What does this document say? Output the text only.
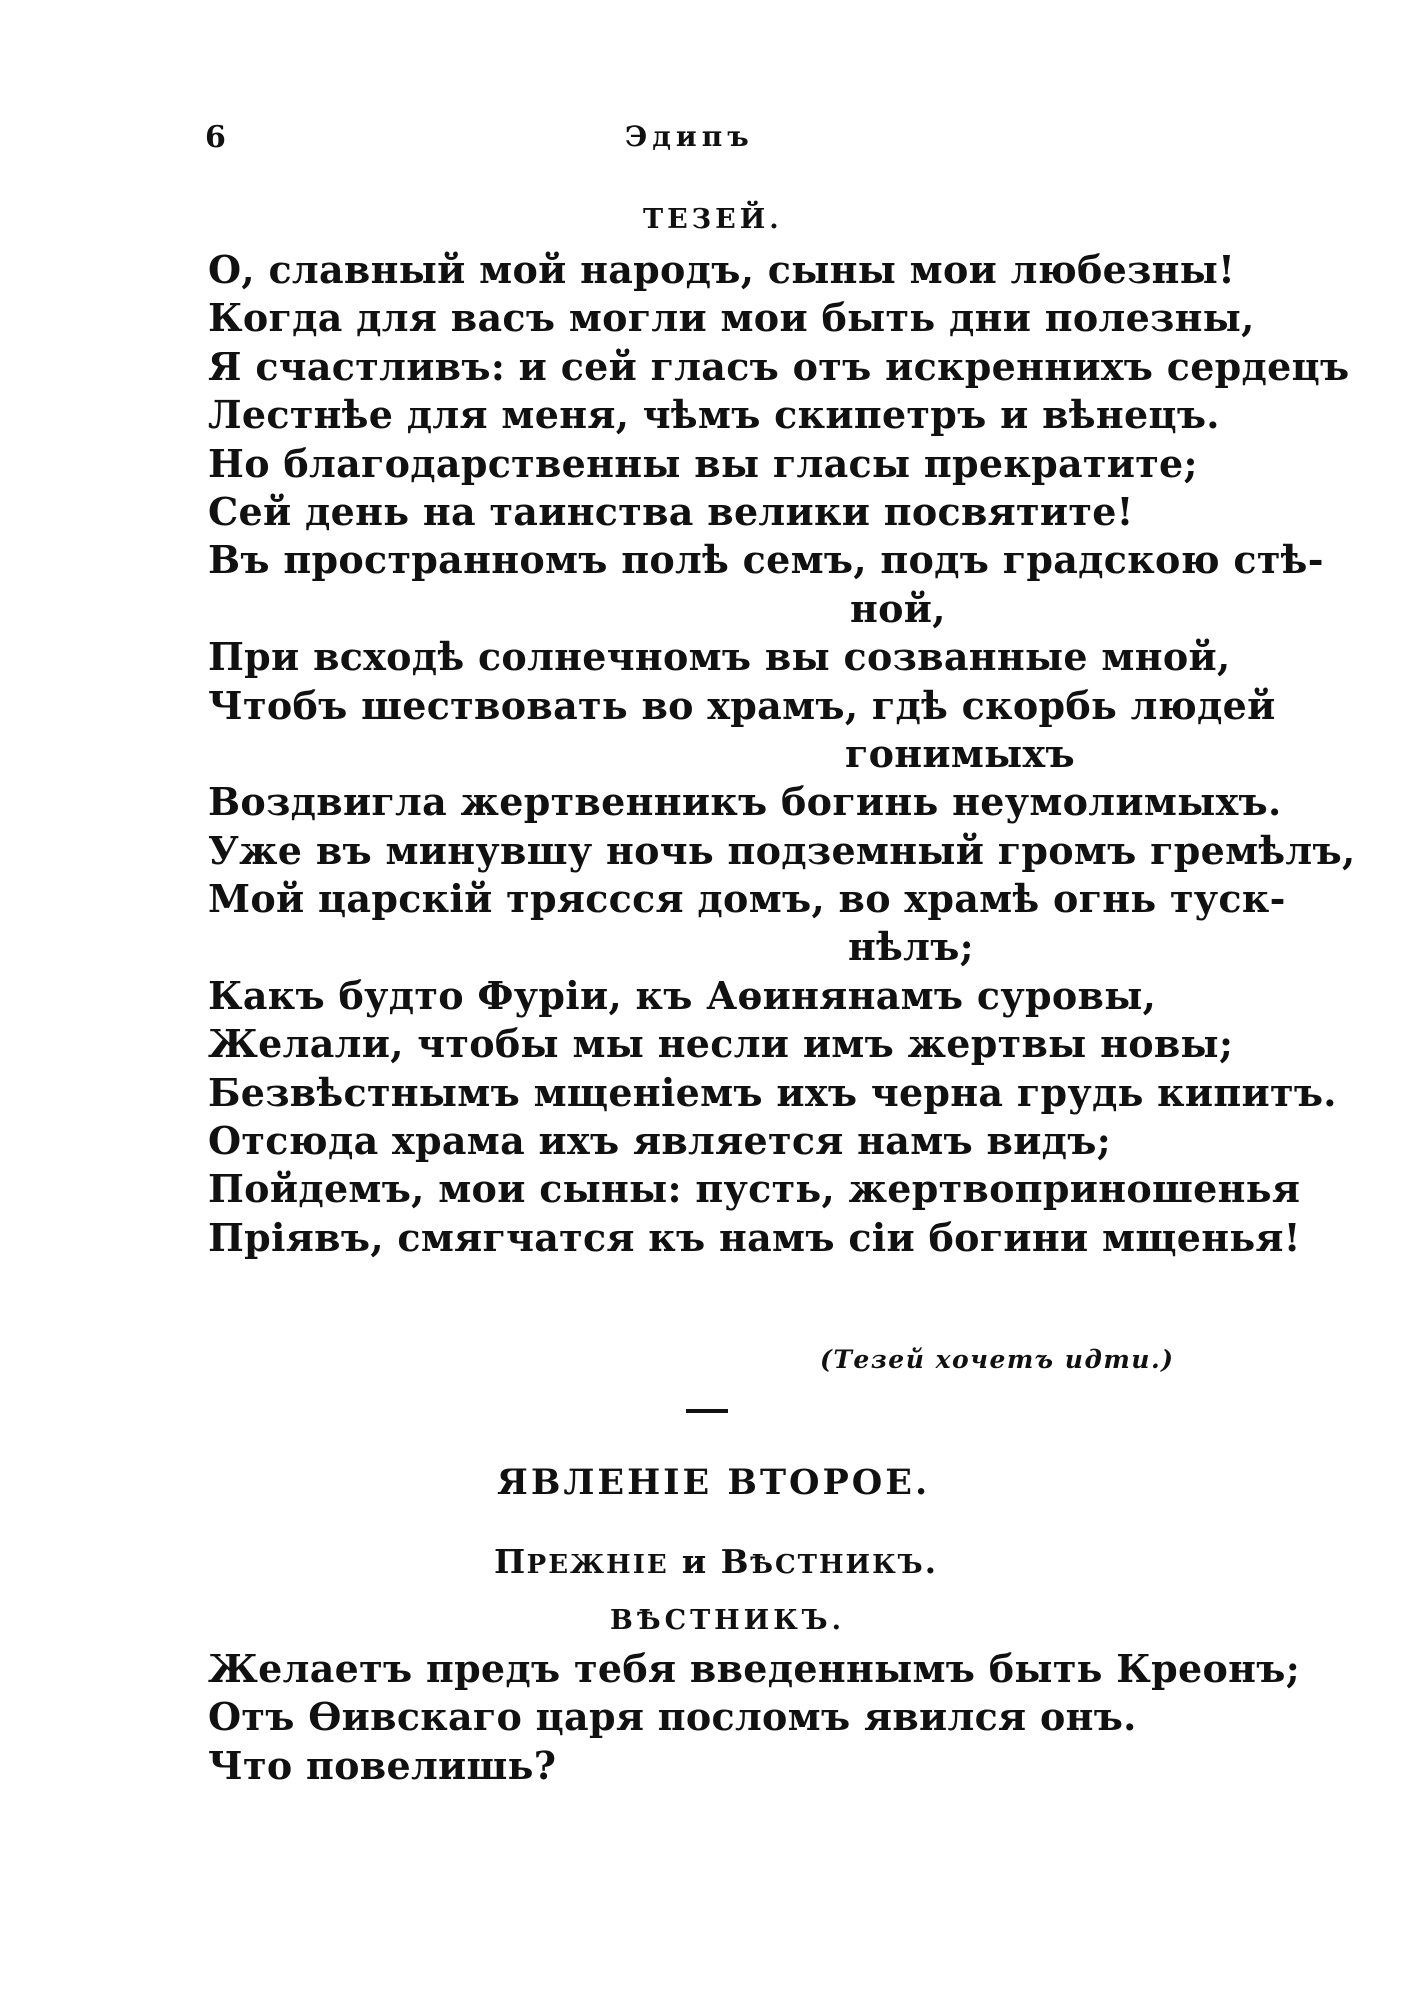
6	Эдипъ
ТЕЗЕЙ.
О, славный мой народъ, сыны мои любезны!
Когда для васъ могли мои быть дни полезны,
Я счастливъ: и сей гласъ отъ искреннихъ сердецъ
Лестнѣе для меня, чѣмъ скипетръ и вѣнецъ.
Но благодарственны вы гласы прекратите;
Сей день на таинства велики посвятите!
Въ пространномъ полѣ семъ, подъ градскою стѣ-
ной,
При всходѣ солнечномъ вы созванные мной,
Чтобъ шествовать во храмъ, гдѣ скорбь людей
гонимыхъ
Воздвигла жертвенникъ богинь неумолимыхъ.
Уже въ минувшу ночь подземный громъ гремѣлъ,
Мой царскій тряссся домъ, во храмѣ огнь туск-
нѣлъ;
Какъ будто Фуріи, къ Аѳинянамъ суровы,
Желали, чтобы мы несли имъ жертвы новы;
Безвѣстнымъ мщеніемъ ихъ черна грудь кипитъ.
Отсюда храма ихъ является намъ видъ;
Пойдемъ, мои сыны: пусть, жертвоприношенья
Пріявъ, смягчатся къ намъ сіи богини мщенья!
(Тезей хочетъ идти.)
ЯВЛЕНІЕ ВТОРОЕ.
ПРЕЖНІЕ и ВѢСТНИКЪ.
ВѢСТНИКЪ.
Желаетъ предъ тебя введеннымъ быть Креонъ;
Отъ Ѳивскаго царя посломъ явился онъ.
Что повелишь?
